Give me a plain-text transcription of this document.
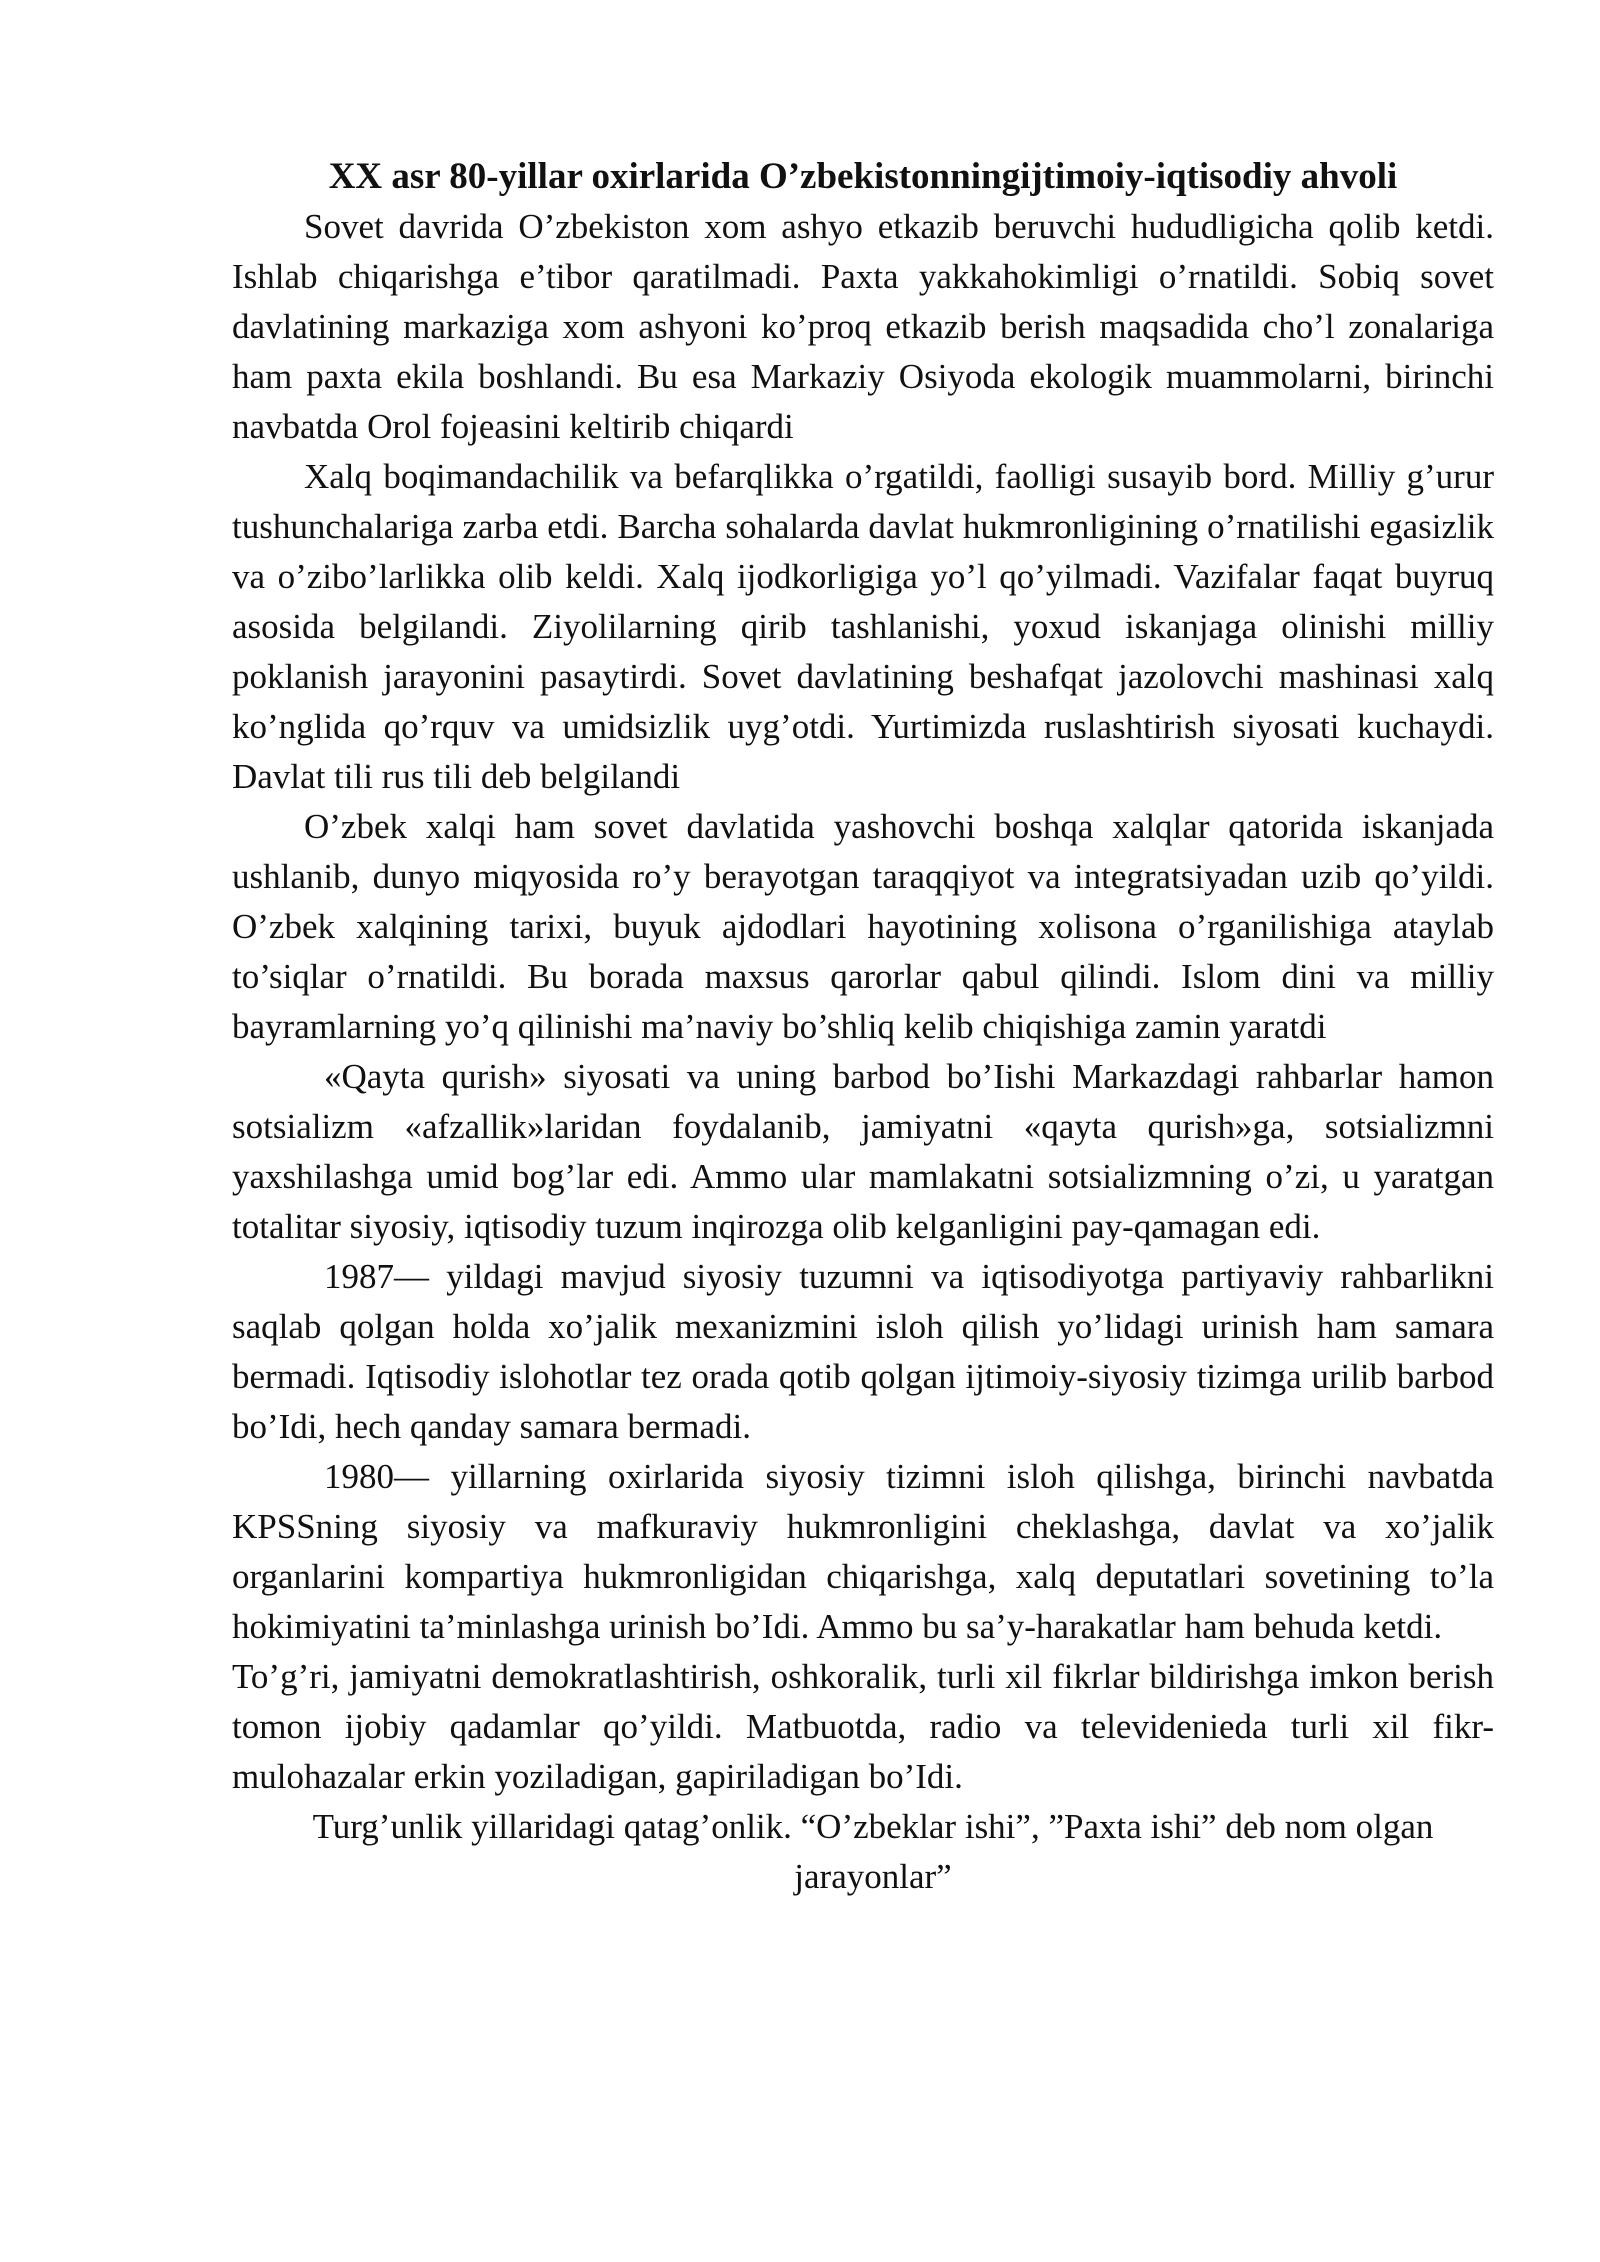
XX asr 80-yillar oxirlarida O’zbekistonningijtimoiy-iqtisodiy ahvoli

Sovet davrida O’zbekiston xom ashyo etkazib beruvchi hududligicha qolib ketdi. Ishlab chiqarishga e’tibor qaratilmadi. Paxta yakkahokimligi o’rnatildi. Sobiq sovet davlatining markaziga xom ashyoni ko’proq etkazib berish maqsadida cho’l zonalariga ham paxta ekila boshlandi. Bu esa Markaziy Osiyoda ekologik muammolarni, birinchi navbatda Orol fojeasini keltirib chiqardi

Xalq boqimandachilik va befarqlikka o’rgatildi, faolligi susayib bord. Milliy g’urur tushunchalariga zarba etdi. Barcha sohalarda davlat hukmronligining o’rnatilishi egasizlik va o’zibo’larlikka olib keldi. Xalq ijodkorligiga yo’l qo’yilmadi. Vazifalar faqat buyruq asosida belgilandi. Ziyolilarning qirib tashlanishi, yoxud iskanjaga olinishi milliy poklanish jarayonini pasaytirdi. Sovet davlatining beshafqat jazolovchi mashinasi xalq ko’nglida qo’rquv va umidsizlik uyg’otdi. Yurtimizda ruslashtirish siyosati kuchaydi. Davlat tili rus tili deb belgilandi

O’zbek xalqi ham sovet davlatida yashovchi boshqa xalqlar qatorida iskanjada ushlanib, dunyo miqyosida ro’y berayotgan taraqqiyot va integratsiyadan uzib qo’yildi. O’zbek xalqining tarixi, buyuk ajdodlari hayotining xolisona o’rganilishiga ataylab to’siqlar o’rnatildi. Bu borada maxsus qarorlar qabul qilindi. Islom dini va milliy bayramlarning yo’q qilinishi ma’naviy bo’shliq kelib chiqishiga zamin yaratdi

«Qayta qurish» siyosati va uning barbod bo’Iishi Markazdagi rahbarlar hamon sotsializm «afzallik»laridan foydalanib, jamiyatni «qayta qurish»ga, sotsializmni yaxshilashga umid bog’lar edi. Ammo ular mamlakatni sotsializmning o’zi, u yaratgan totalitar siyosiy, iqtisodiy tuzum inqirozga olib kelganligini pay-qamagan edi.

1987— yildagi mavjud siyosiy tuzumni va iqtisodiyotga partiyaviy rahbarlikni saqlab qolgan holda xo’jalik mexanizmini isloh qilish yo’lidagi urinish ham samara bermadi. Iqtisodiy islohotlar tez orada qotib qolgan ijtimoiy-siyosiy tizimga urilib barbod bo’Idi, hech qanday samara bermadi.

1980— yillarning oxirlarida siyosiy tizimni isloh qilishga, birinchi navbatda KPSSning siyosiy va mafkuraviy hukmronligini cheklashga, davlat va xo’jalik organlarini kompartiya hukmronligidan chiqarishga, xalq deputatlari sovetining to’la hokimiyatini ta’minlashga urinish bo’Idi. Ammo bu sa’y-harakatlar ham behuda ketdi.

To’g’ri, jamiyatni demokratlashtirish, oshkoralik, turli xil fikrlar bildirishga imkon berish tomon ijobiy qadamlar qo’yildi. Matbuotda, radio va televidenieda turli xil fikr-mulohazalar erkin yoziladigan, gapiriladigan bo’Idi.

Turg’unlik yillaridagi qatag’onlik. “O’zbeklar ishi”, ”Paxta ishi” deb nom olgan jarayonlar”
